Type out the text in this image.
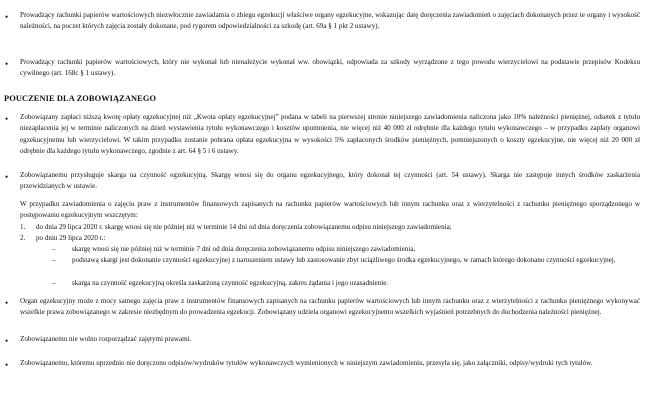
• Prowadzący rachunki papierów wartościowych niezwłocznie zawiadamia o zbiegu egzekucji właściwe organy egzekucyjne, wskazując datę doręczenia zawiadomień o zajęciach dokonanych przez te organy i wysokość należności, na poczet których zajęcia zostały dokonane, pod rygorem odpowiedzialności za szkodę (art. 69a § 1 pkt 2 ustawy).
• Prowadzący rachunki papierów wartościowych, który nie wykonał lub nienależycie wykonał ww. obowiązki, odpowiada za szkody wyrządzone z tego powodu wierzycielowi na podstawie przepisów Kodeksu cywilnego (art. 168c § 1 ustawy).
POUCZENIE DLA ZOBOWIĄZANEGO
• Zobowiązany zapłaci niższą kwotę opłaty egzekucyjnej niż „Kwota opłaty egzekucyjnej” podana w tabeli na pierwszej stronie niniejszego zawiadomienia naliczona jako 10% należności pieniężnej, odsetek z tytułu niezapłacenia jej w terminie naliczonych na dzień wystawienia tytułu wykonawczego i kosztów upomnienia, nie więcej niż 40 000 zł odrębnie dla każdego tytułu wykonawczego – w przypadku zapłaty organowi egzekucyjnemu lub wierzycielowi. W takim przypadku zostanie pobrana opłata egzekucyjna w wysokości 5% zapłaconych środków pieniężnych, pomniejszonych o koszty egzekucyjne, nie więcej niż 20 000 zł odrębnie dla każdego tytułu wykonawczego, zgodnie z art. 64 § 5 i 6 ustawy.
• Zobowiązanemu przysługuje skarga na czynność egzekucyjną. Skargę wnosi się do organu egzekucyjnego, który dokonał tej czynności (art. 54 ustawy). Skarga nie zastępuje innych środków zaskarżenia przewidzianych w ustawie.
W przypadku zawiadomienia o zajęciu praw z instrumentów finansowych zapisanych na rachunku papierów wartościowych lub innym rachunku oraz z wierzytelności z rachunku pieniężnego sporządzonego w postępowaniu egzekucyjnym wszczętym:
1. do dnia 29 lipca 2020 r. skargę wnosi się nie później niż w terminie 14 dni od dnia doręczenia zobowiązanemu odpisu niniejszego zawiadomienia;
2. po dniu 29 lipca 2020 r.:
– skargę wnosi się nie później niż w terminie 7 dni od dnia doręczenia zobowiązanemu odpisu niniejszego zawiadomienia,
– podstawą skargi jest dokonanie czynności egzekucyjnej z naruszeniem ustawy lub zastosowanie zbyt uciążliwego środka egzekucyjnego, w ramach którego dokonano czynności egzekucyjnej,
– skarga na czynność egzekucyjną określa zaskarżoną czynność egzekucyjną, zakres żądania i jego uzasadnienie.
• Organ egzekucyjny może z mocy samego zajęcia praw z instrumentów finansowych zapisanych na rachunku papierów wartościowych lub innym rachunku oraz z wierzytelności z rachunku pieniężnego wykonywać wszelkie prawa zobowiązanego w zakresie niezbędnym do prowadzenia egzekucji. Zobowiązany udziela organowi egzekucyjnemu wszelkich wyjaśnień potrzebnych do dochodzenia należności pieniężnej.
• Zobowiązanemu nie wolno rozporządzać zajętymi prawami.
• Zobowiązanemu, któremu uprzednio nie doręczono odpisów/wydruków tytułów wykonawczych wymienionych w niniejszym zawiadomieniu, przesyła się, jako załączniki, odpisy/wydruki tych tytułów.
